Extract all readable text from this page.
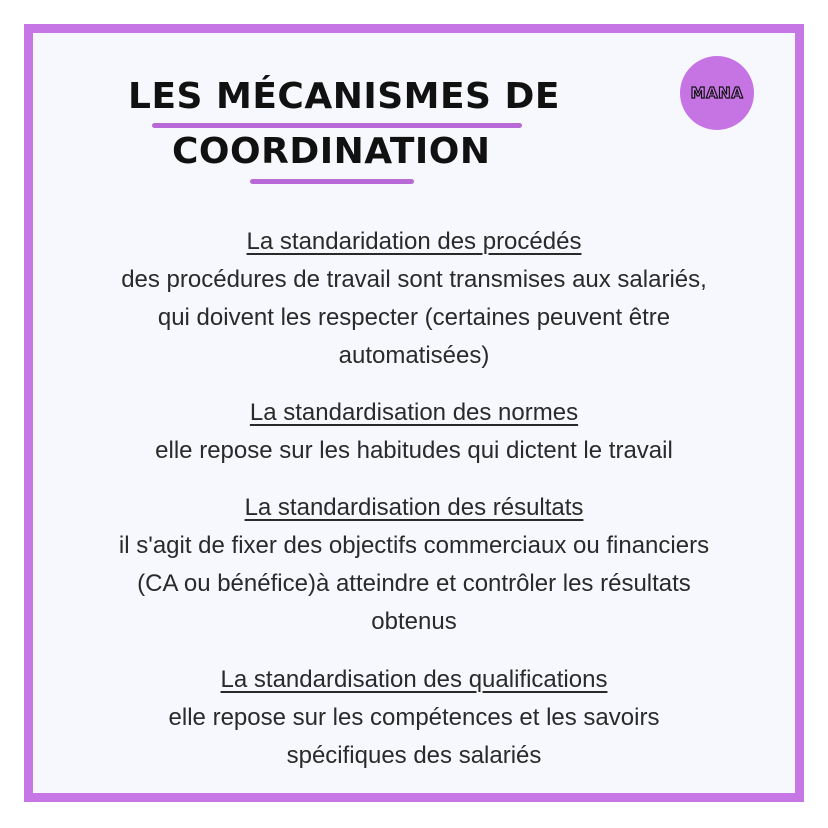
LES MÉCANISMES DE
COORDINATION
MANA
La standaridation des procédés
des procédures de travail sont transmises aux salariés,
qui doivent les respecter (certaines peuvent être
automatisées)
La standardisation des normes
elle repose sur les habitudes qui dictent le travail
La standardisation des résultats
il s'agit de fixer des objectifs commerciaux ou financiers
(CA ou bénéfice)à atteindre et contrôler les résultats
obtenus
La standardisation des qualifications
elle repose sur les compétences et les savoirs
spécifiques des salariés
